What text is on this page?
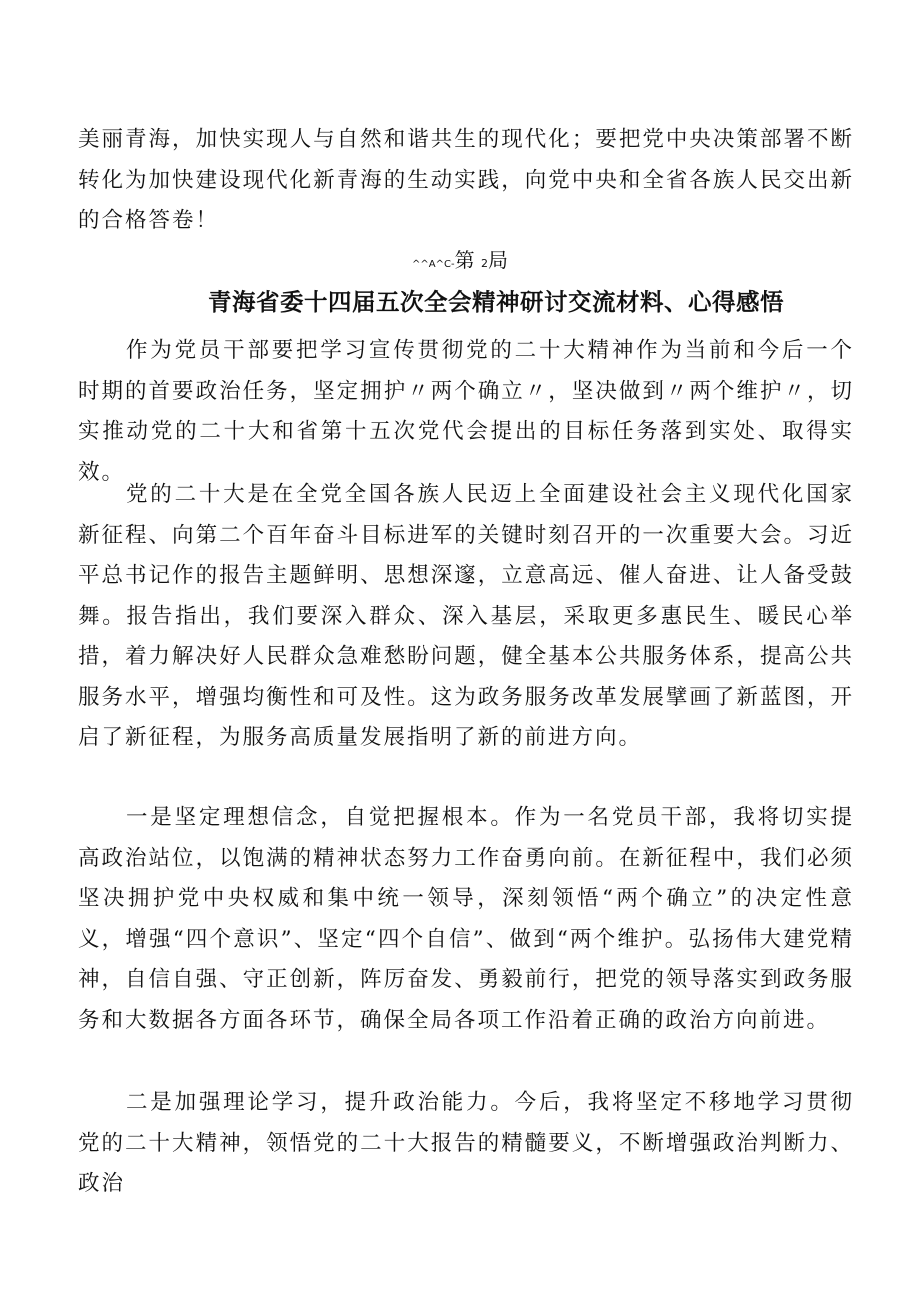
美丽青海，加快实现人与自然和谐共生的现代化；要把党中央决策部署不断转化为加快建设现代化新青海的生动实践，向党中央和全省各族人民交出新的合格答卷！

^^A^C-第 2局

青海省委十四届五次全会精神研讨交流材料、心得感悟

作为党员干部要把学习宣传贯彻党的二十大精神作为当前和今后一个时期的首要政治任务，坚定拥护〃两个确立〃，坚决做到〃两个维护〃，切实推动党的二十大和省第十五次党代会提出的目标任务落到实处、取得实效。

党的二十大是在全党全国各族人民迈上全面建设社会主义现代化国家新征程、向第二个百年奋斗目标进军的关键时刻召开的一次重要大会。习近平总书记作的报告主题鲜明、思想深邃，立意高远、催人奋进、让人备受鼓舞。报告指出，我们要深入群众、深入基层，采取更多惠民生、暖民心举措，着力解决好人民群众急难愁盼问题，健全基本公共服务体系，提高公共服务水平，增强均衡性和可及性。这为政务服务改革发展擘画了新蓝图，开启了新征程，为服务高质量发展指明了新的前进方向。

一是坚定理想信念，自觉把握根本。作为一名党员干部，我将切实提高政治站位，以饱满的精神状态努力工作奋勇向前。在新征程中，我们必须坚决拥护党中央权威和集中统一领导，深刻领悟“两个确立”的决定性意义，增强“四个意识”、坚定“四个自信”、做到“两个维护。弘扬伟大建党精神，自信自强、守正创新，阵厉奋发、勇毅前行，把党的领导落实到政务服务和大数据各方面各环节，确保全局各项工作沿着正确的政治方向前进。

二是加强理论学习，提升政治能力。今后，我将坚定不移地学习贯彻党的二十大精神，领悟党的二十大报告的精髓要义，不断增强政治判断力、政治
